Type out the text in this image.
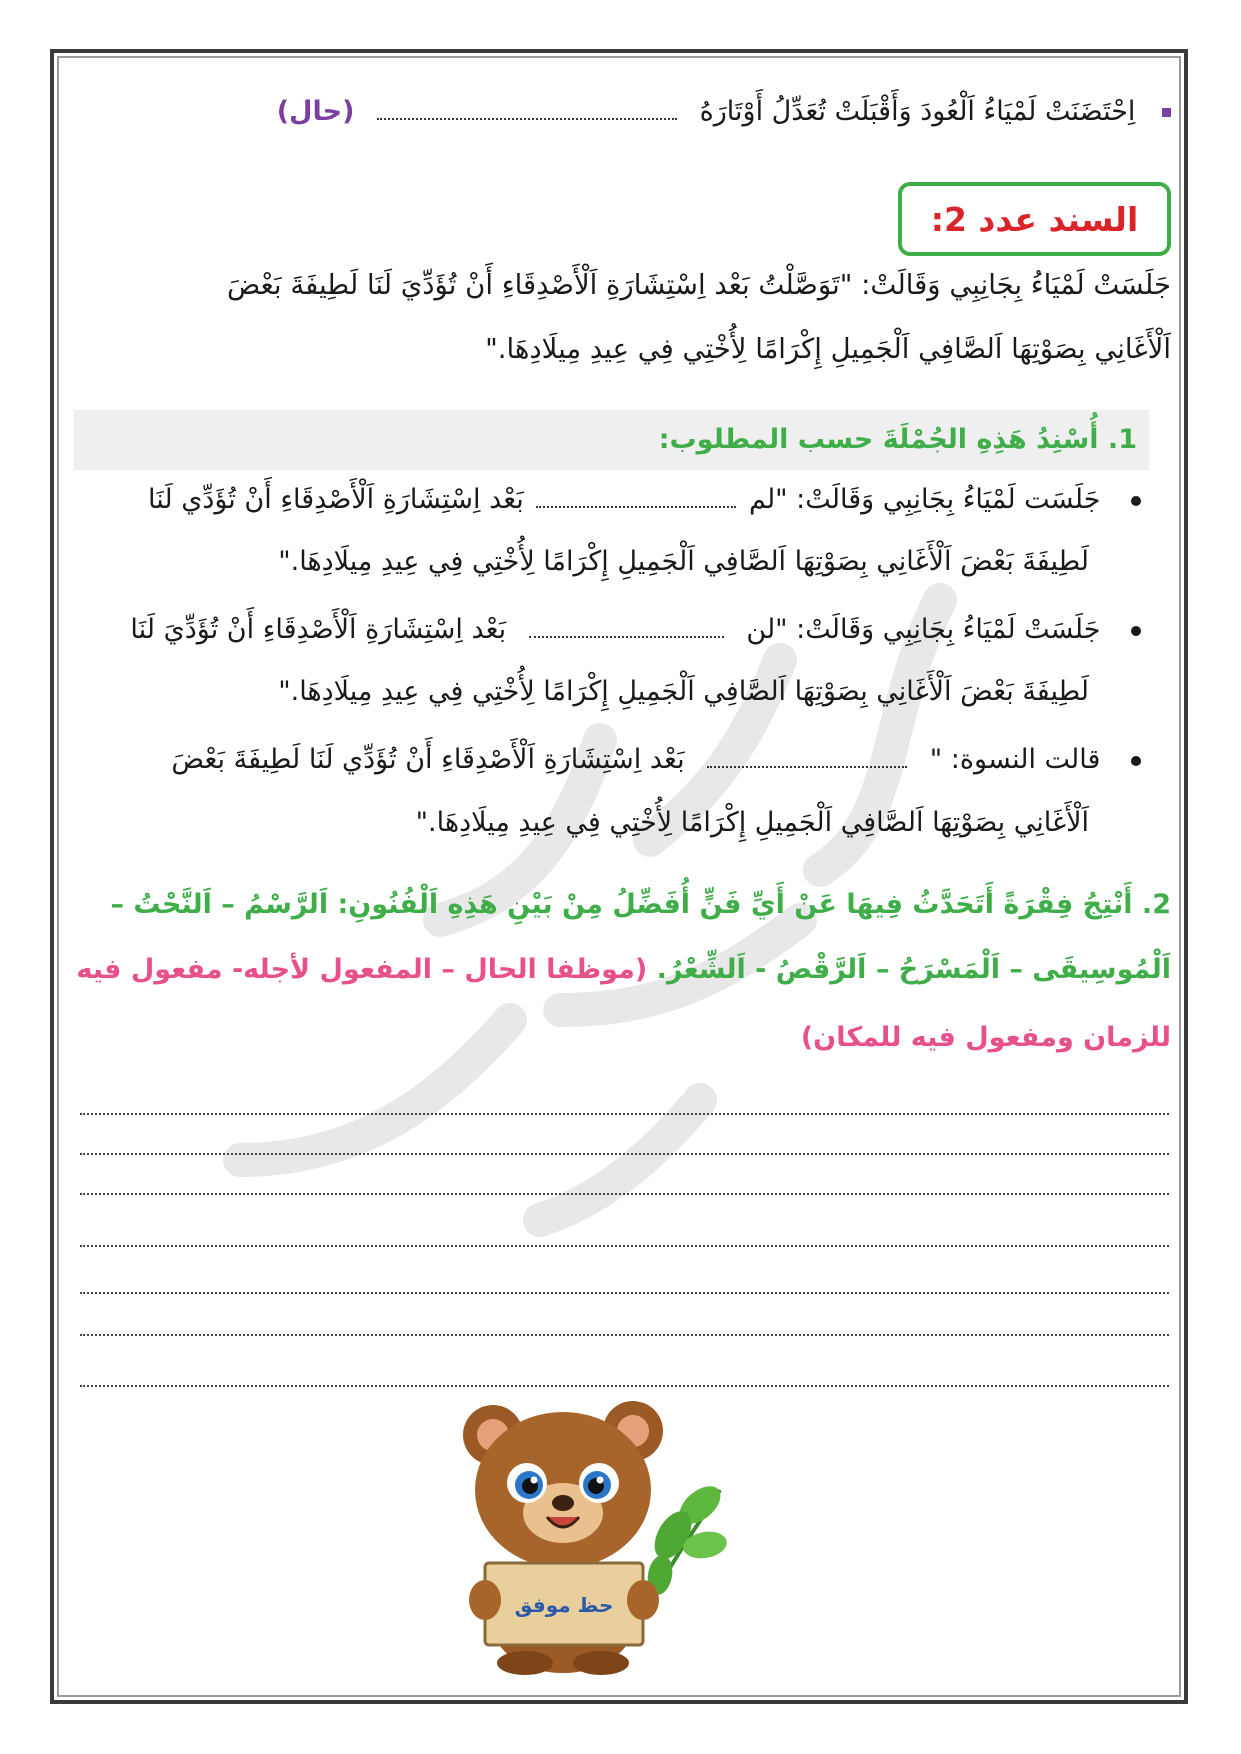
اِحْتَضَنَتْ لَمْيَاءُ اَلْعُودَ وَأَقْبَلَتْ تُعَدِّلُ أَوْتَارَهُ  (حال)
السند عدد 2:
جَلَسَتْ لَمْيَاءُ بِجَانِبِي وَقَالَتْ: "تَوَصَّلْتُ بَعْد اِسْتِشَارَةِ اَلْأَصْدِقَاءِ أَنْ تُؤَدِّيَ لَنَا لَطِيفَةَ بَعْضَ
اَلْأَغَانِي بِصَوْتِهَا اَلصَّافِي اَلْجَمِيلِ إِكْرَامًا لِأُخْتِي فِي عِيدِ مِيلَادِهَا."
1. أُسْنِدُ هَذِهِ الجُمْلَةَ حسب المطلوب:
جَلَسَت لَمْيَاءُ بِجَانِبِي وَقَالَتْ: "لم  بَعْد اِسْتِشَارَةِ اَلْأَصْدِقَاءِ أَنْ تُؤَدِّي لَنَا
لَطِيفَةَ بَعْضَ اَلْأَغَانِي بِصَوْتِهَا اَلصَّافِي اَلْجَمِيلِ إِكْرَامًا لِأُخْتِي فِي عِيدِ مِيلَادِهَا."
جَلَسَتْ لَمْيَاءُ بِجَانِبِي وَقَالَتْ: "لن  بَعْد اِسْتِشَارَةِ اَلْأَصْدِقَاءِ أَنْ تُؤَدِّيَ لَنَا
لَطِيفَةَ بَعْضَ اَلْأَغَانِي بِصَوْتِهَا اَلصَّافِي اَلْجَمِيلِ إِكْرَامًا لِأُخْتِي فِي عِيدِ مِيلَادِهَا."
قالت النسوة: "  بَعْد اِسْتِشَارَةِ اَلْأَصْدِقَاءِ أَنْ تُؤَدِّي لَنَا لَطِيفَةَ بَعْضَ
اَلْأَغَانِي بِصَوْتِهَا اَلصَّافِي اَلْجَمِيلِ إِكْرَامًا لِأُخْتِي فِي عِيدِ مِيلَادِهَا."
2. أَنْتِجُ فِقْرَةً أَتَحَدَّثُ فِيهَا عَنْ أَيِّ فَنٍّ أُفَضِّلُ مِنْ بَيْنِ هَذِهِ اَلْفُنُونِ: اَلرَّسْمُ – اَلنَّحْتُ –
اَلْمُوسِيقَى – اَلْمَسْرَحُ – اَلرَّقْصُ - اَلشِّعْرُ. (موظفا الحال – المفعول لأجله- مفعول فيه
للزمان ومفعول فيه للمكان)
حظ موفق
